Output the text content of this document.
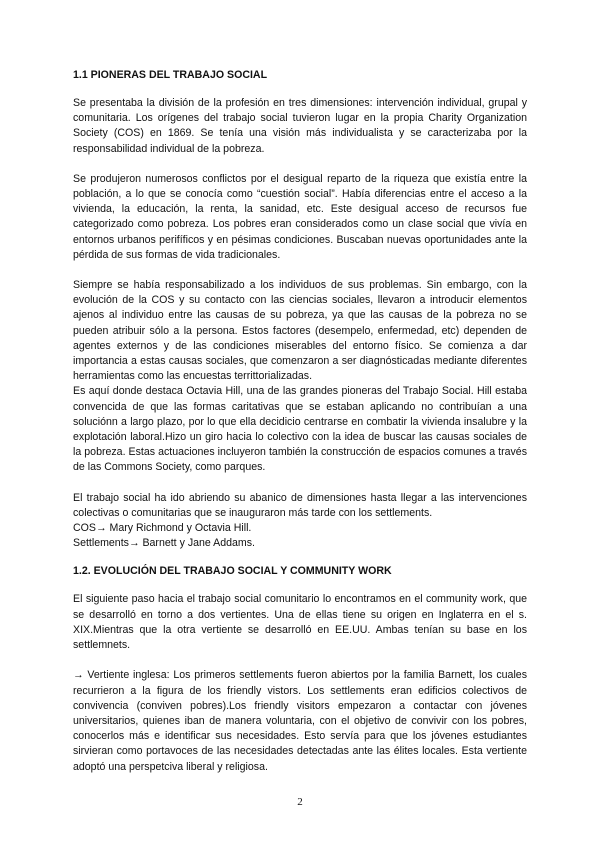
1.1 PIONERAS DEL TRABAJO SOCIAL

Se presentaba la división de la profesión en tres dimensiones: intervención individual, grupal y comunitaria. Los orígenes del trabajo social tuvieron lugar en la propia Charity Organization Society (COS) en 1869. Se tenía una visión más individualista y se caracterizaba por la responsabilidad individual de la pobreza.

Se produjeron numerosos conflictos por el desigual reparto de la riqueza que existía entre la población, a lo que se conocía como “cuestión social”. Había diferencias entre el acceso a la vivienda, la educación, la renta, la sanidad, etc. Este desigual acceso de recursos fue categorizado como pobreza. Los pobres eran considerados como un clase social que vivía en entornos urbanos perifíficos y en pésimas condiciones. Buscaban nuevas oportunidades ante la pérdida de sus formas de vida tradicionales.

Siempre se había responsabilizado a los individuos de sus problemas. Sin embargo, con la evolución de la COS y su contacto con las ciencias sociales, llevaron a introducir elementos ajenos al individuo entre las causas de su pobreza, ya que las causas de la pobreza no se pueden atribuir sólo a la persona. Estos factores (desempelo, enfermedad, etc) dependen de agentes externos y de las condiciones miserables del entorno físico. Se comienza a dar importancia a estas causas sociales, que comenzaron a ser diagnósticadas mediante diferentes herramientas como las encuestas territtorializadas.

Es aquí donde destaca Octavia Hill, una de las grandes pioneras del Trabajo Social. Hill estaba convencida de que las formas caritativas que se estaban aplicando no contribuían a una soluciónn a largo plazo, por lo que ella decidicio centrarse en combatir la vivienda insalubre y la explotación laboral.Hizo un giro hacia lo colectivo con la idea de buscar las causas sociales de la pobreza. Estas actuaciones incluyeron también la construcción de espacios comunes a través de las Commons Society, como parques.

El trabajo social ha ido abriendo su abanico de dimensiones hasta llegar a las intervenciones colectivas o comunitarias que se inauguraron más tarde con los settlements.

COS→ Mary Richmond y Octavia Hill.
Settlements→ Barnett y Jane Addams.
1.2. EVOLUCIÓN DEL TRABAJO SOCIAL Y COMMUNITY WORK

El siguiente paso hacia el trabajo social comunitario lo encontramos en el community work, que se desarrolló en torno a dos vertientes. Una de ellas tiene su origen en Inglaterra en el s. XIX.Mientras que la otra vertiente se desarrolló en EE.UU. Ambas tenían su base en los settlemnets.

→ Vertiente inglesa: Los primeros settlements fueron abiertos por la familia Barnett, los cuales recurrieron a la figura de los friendly vistors. Los settlements eran edificios colectivos de convivencia (conviven pobres).Los friendly visitors empezaron a contactar con jóvenes universitarios, quienes iban de manera voluntaria, con el objetivo de convivir con los pobres, conocerlos más e identificar sus necesidades. Esto servía para que los jóvenes estudiantes sirvieran como portavoces de las necesidades detectadas ante las élites locales. Esta vertiente adoptó una perspetciva liberal y religiosa.

2
